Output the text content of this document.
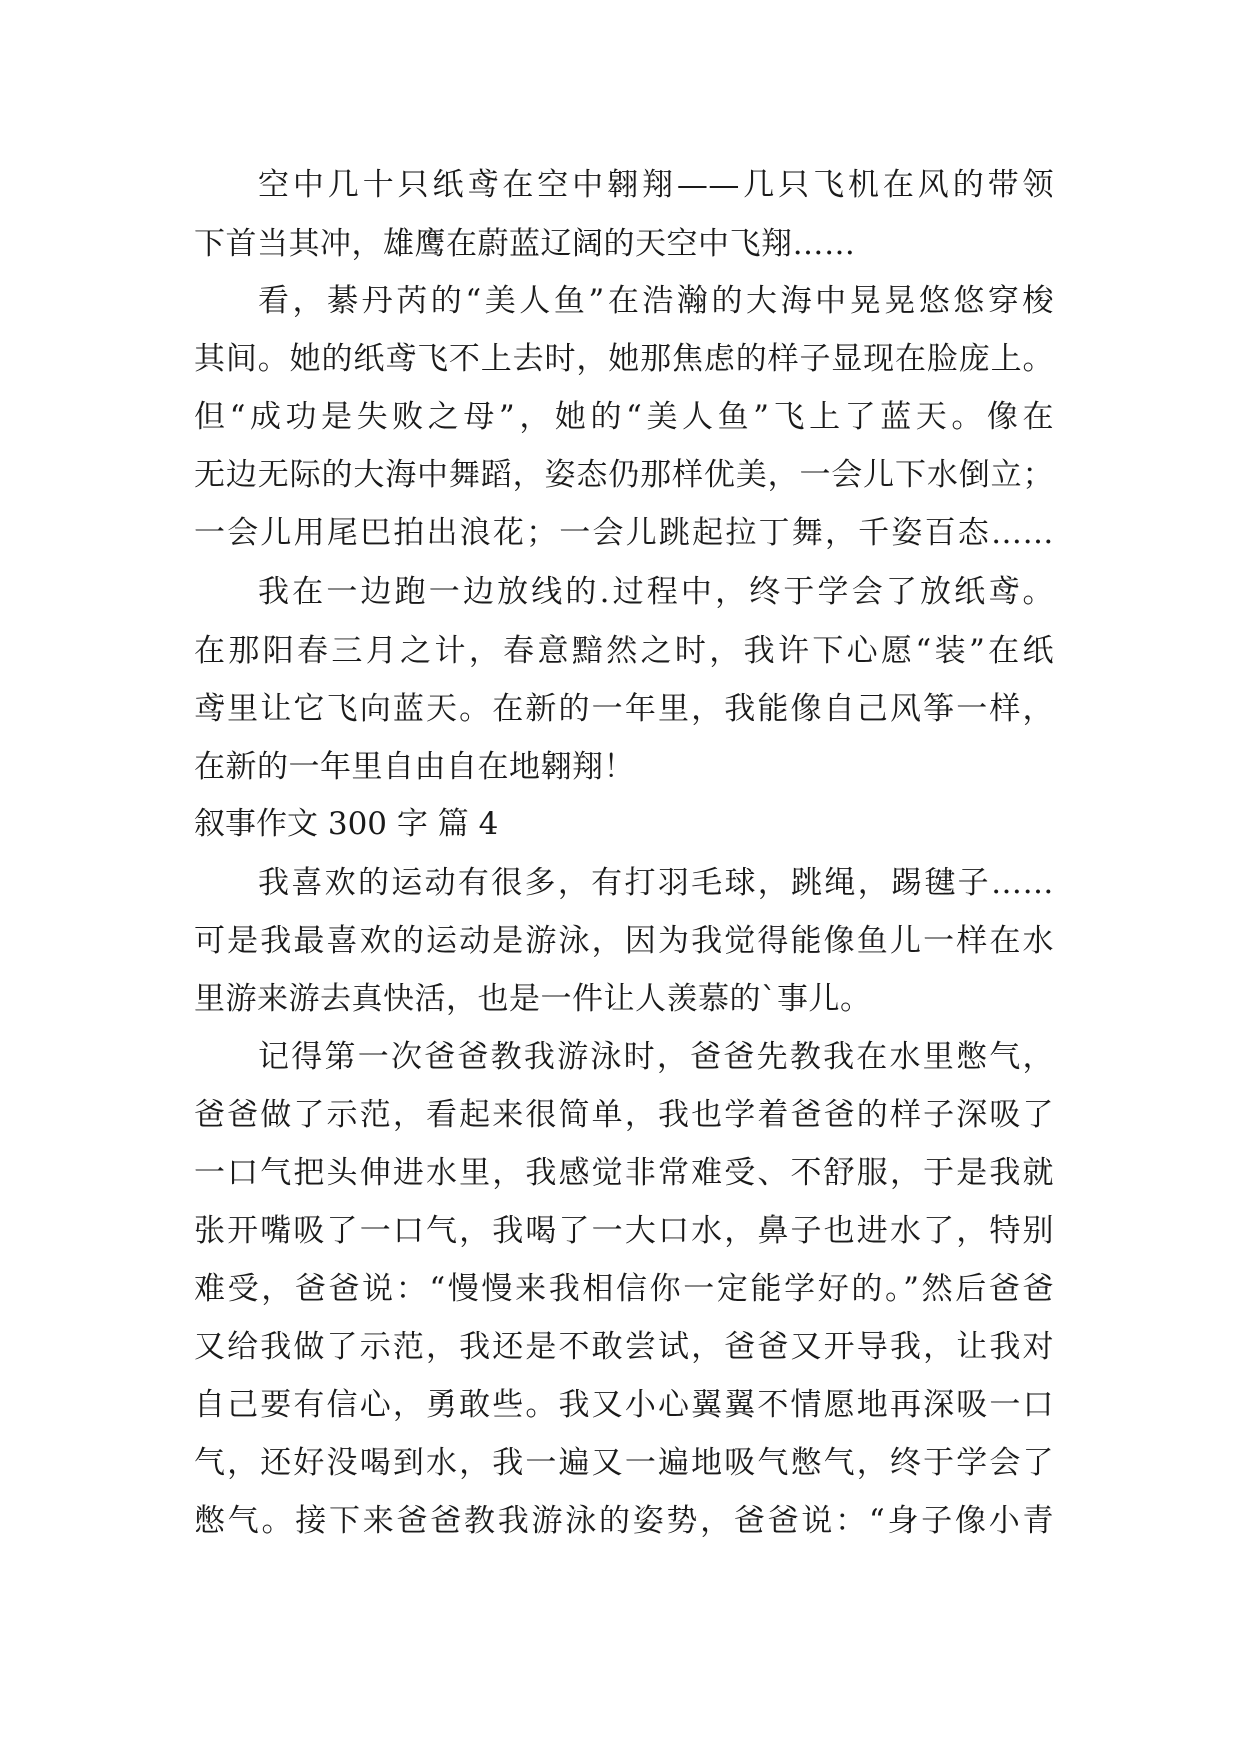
空中几十只纸鸢在空中翱翔——几只飞机在风的带领
下首当其冲，雄鹰在蔚蓝辽阔的天空中飞翔……
看，綦丹芮的“美人鱼”在浩瀚的大海中晃晃悠悠穿梭
其间。她的纸鸢飞不上去时，她那焦虑的样子显现在脸庞上。
但“成功是失败之母”，她的“美人鱼”飞上了蓝天。像在
无边无际的大海中舞蹈，姿态仍那样优美，一会儿下水倒立；
一会儿用尾巴拍出浪花；一会儿跳起拉丁舞，千姿百态……
我在一边跑一边放线的.过程中，终于学会了放纸鸢。
在那阳春三月之计，春意黯然之时，我许下心愿“装”在纸
鸢里让它飞向蓝天。在新的一年里，我能像自己风筝一样，
在新的一年里自由自在地翱翔！
叙事作文 300 字 篇 4
我喜欢的运动有很多，有打羽毛球，跳绳，踢毽子……
可是我最喜欢的运动是游泳，因为我觉得能像鱼儿一样在水
里游来游去真快活，也是一件让人羡慕的`事儿。
记得第一次爸爸教我游泳时，爸爸先教我在水里憋气，
爸爸做了示范，看起来很简单，我也学着爸爸的样子深吸了
一口气把头伸进水里，我感觉非常难受、不舒服，于是我就
张开嘴吸了一口气，我喝了一大口水，鼻子也进水了，特别
难受，爸爸说：“慢慢来我相信你一定能学好的。”然后爸爸
又给我做了示范，我还是不敢尝试，爸爸又开导我，让我对
自己要有信心，勇敢些。我又小心翼翼不情愿地再深吸一口
气，还好没喝到水，我一遍又一遍地吸气憋气，终于学会了
憋气。接下来爸爸教我游泳的姿势，爸爸说：“身子像小青
